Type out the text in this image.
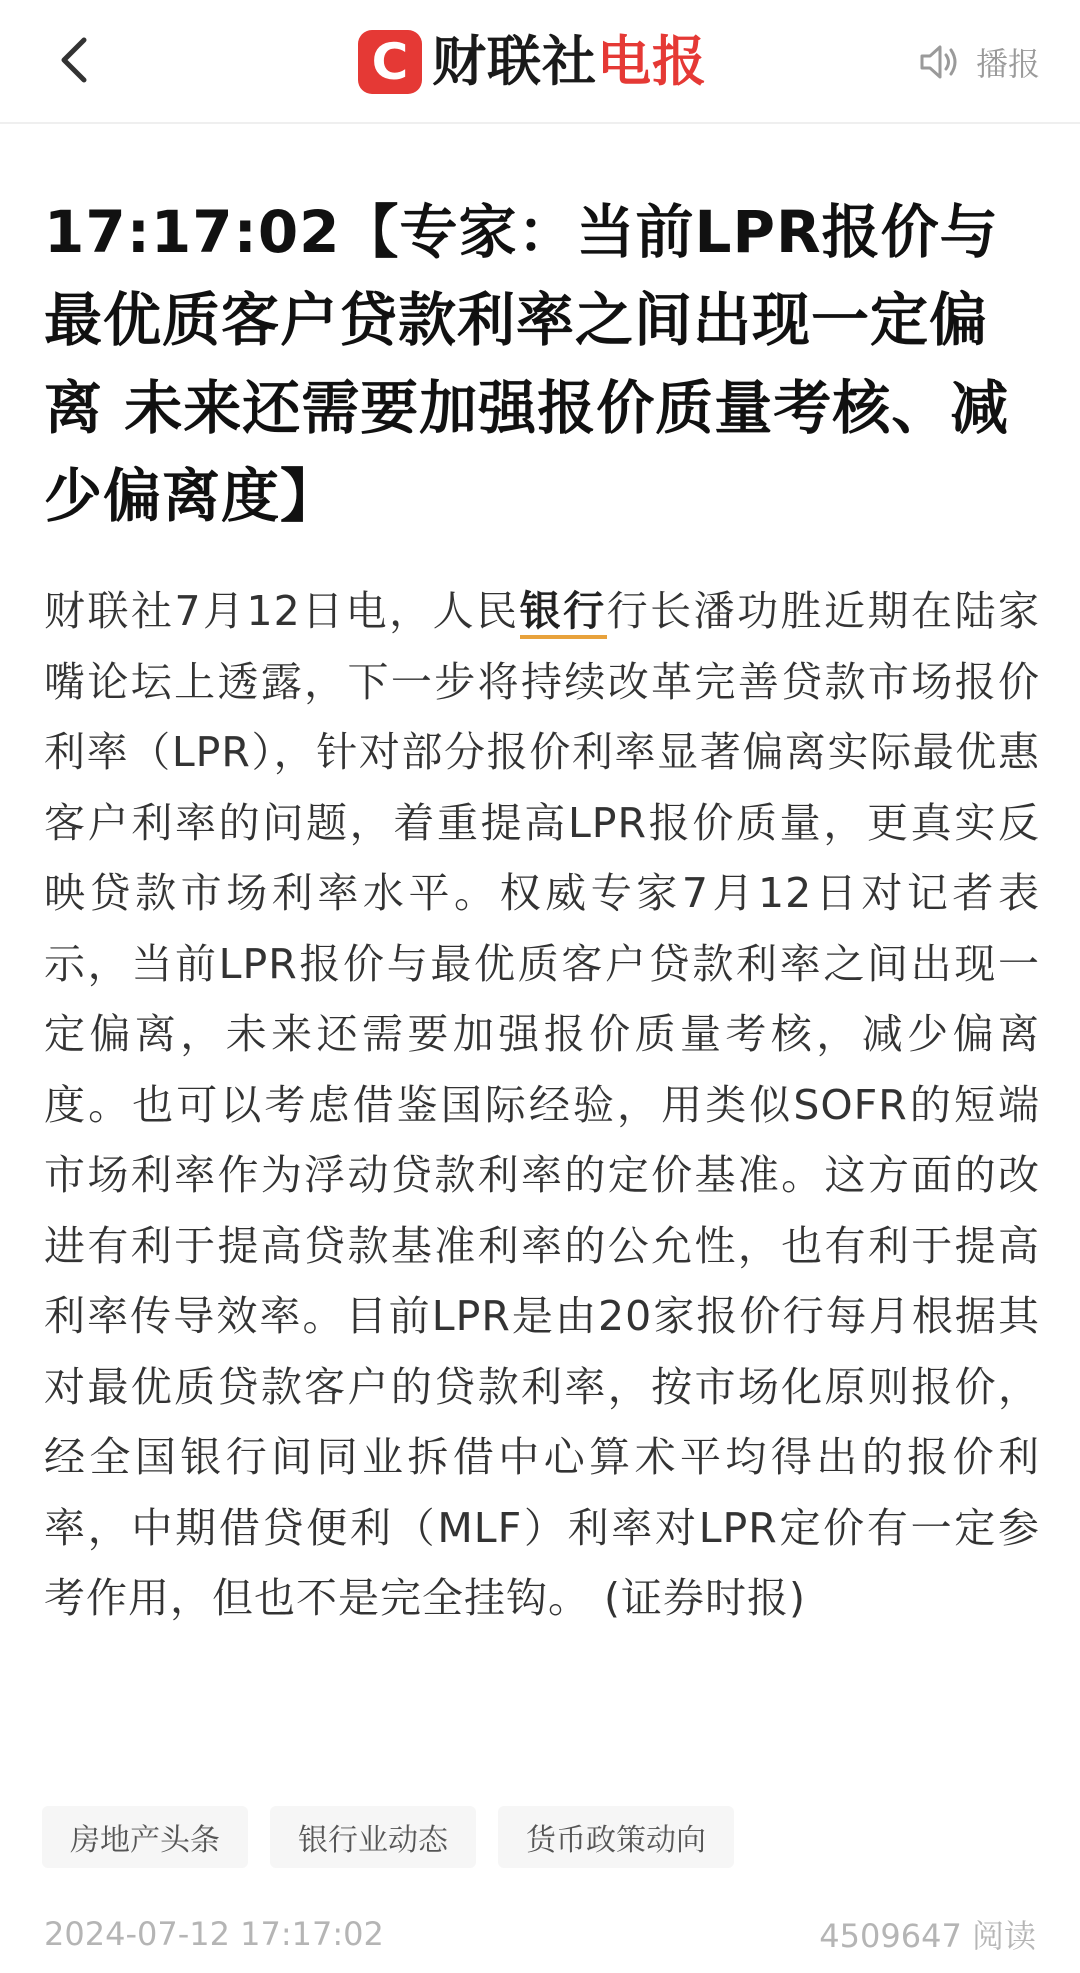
C 财联社电报	播报
17:17:02【专家：当前LPR报价与最优质客户贷款利率之间出现一定偏离 未来还需要加强报价质量考核、减少偏离度】

财联社7月12日电，人民银行行长潘功胜近期在陆家嘴论坛上透露，下一步将持续改革完善贷款市场报价利率（LPR），针对部分报价利率显著偏离实际最优惠客户利率的问题，着重提高LPR报价质量，更真实反映贷款市场利率水平。权威专家7月12日对记者表示，当前LPR报价与最优质客户贷款利率之间出现一定偏离，未来还需要加强报价质量考核，减少偏离度。也可以考虑借鉴国际经验，用类似SOFR的短端市场利率作为浮动贷款利率的定价基准。这方面的改进有利于提高贷款基准利率的公允性，也有利于提高利率传导效率。目前LPR是由20家报价行每月根据其对最优质贷款客户的贷款利率，按市场化原则报价，经全国银行间同业拆借中心算术平均得出的报价利率，中期借贷便利（MLF）利率对LPR定价有一定参考作用，但也不是完全挂钩。 (证券时报)

房地产头条	银行业动态	货币政策动向
2024-07-12 17:17:02	4509647 阅读
